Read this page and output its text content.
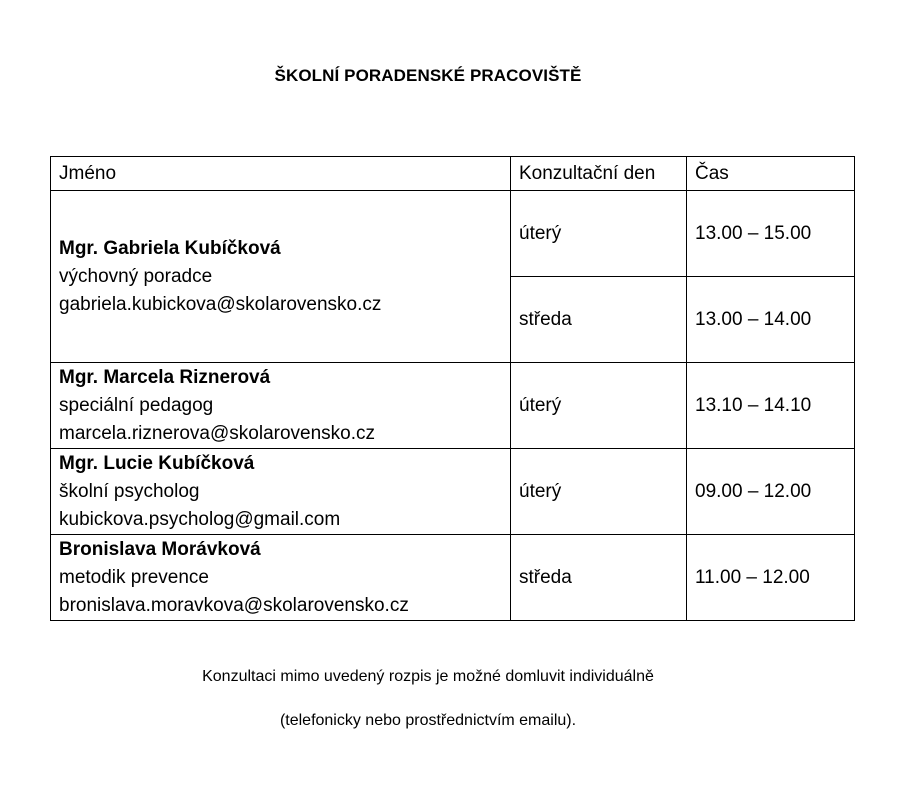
ŠKOLNÍ PORADENSKÉ PRACOVIŠTĚ
Jméno	Konzultační den	Čas

Mgr. Gabriela Kubíčková
výchovný poradce
gabriela.kubickova@skolarovensko.cz	úterý	13.00 – 15.00
	středa	13.00 – 14.00

Mgr. Marcela Riznerová
speciální pedagog
marcela.riznerova@skolarovensko.cz	úterý	13.10 – 14.10

Mgr. Lucie Kubíčková
školní psycholog
kubickova.psycholog@gmail.com	úterý	09.00 – 12.00

Bronislava Morávková
metodik prevence
bronislava.moravkova@skolarovensko.cz	středa	11.00 – 12.00
Konzultaci mimo uvedený rozpis je možné domluvit individuálně
(telefonicky nebo prostřednictvím emailu).
